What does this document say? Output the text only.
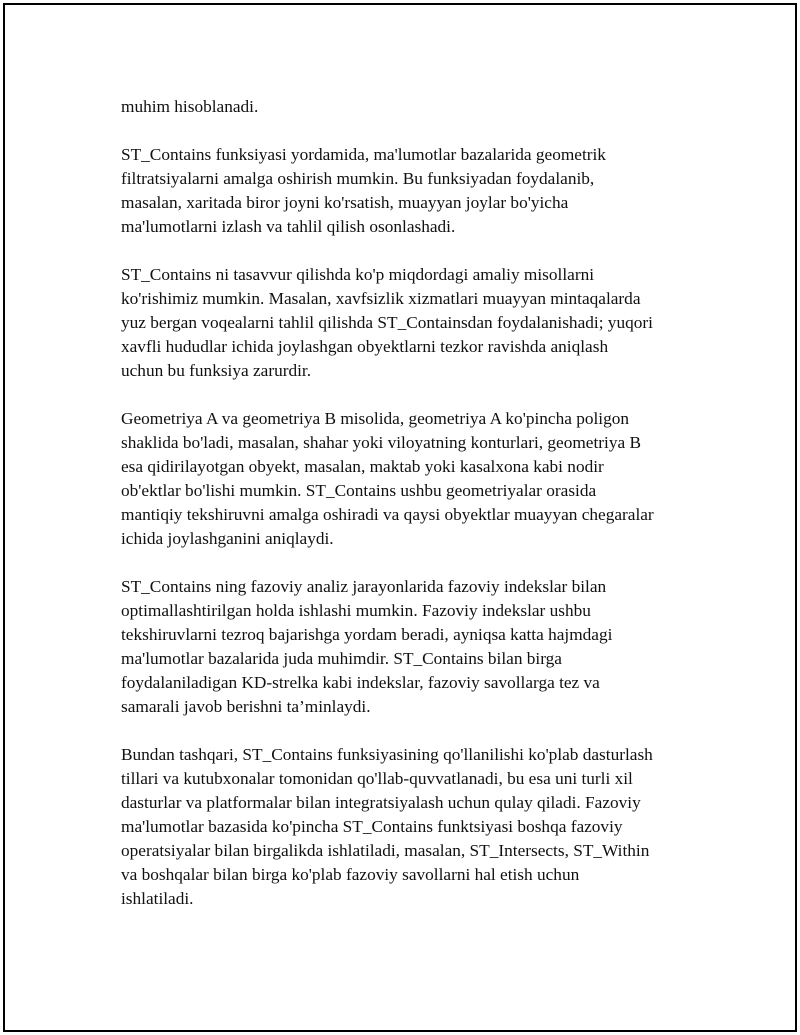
muhim hisoblanadi.

ST_Contains funksiyasi yordamida, ma'lumotlar bazalarida geometrik
filtratsiyalarni amalga oshirish mumkin. Bu funksiyadan foydalanib,
masalan, xaritada biror joyni ko'rsatish, muayyan joylar bo'yicha
ma'lumotlarni izlash va tahlil qilish osonlashadi.

ST_Contains ni tasavvur qilishda ko'p miqdordagi amaliy misollarni
ko'rishimiz mumkin. Masalan, xavfsizlik xizmatlari muayyan mintaqalarda
yuz bergan voqealarni tahlil qilishda ST_Containsdan foydalanishadi; yuqori
xavfli hududlar ichida joylashgan obyektlarni tezkor ravishda aniqlash
uchun bu funksiya zarurdir.

Geometriya A va geometriya B misolida, geometriya A ko'pincha poligon
shaklida bo'ladi, masalan, shahar yoki viloyatning konturlari, geometriya B
esa qidirilayotgan obyekt, masalan, maktab yoki kasalxona kabi nodir
ob'ektlar bo'lishi mumkin. ST_Contains ushbu geometriyalar orasida
mantiqiy tekshiruvni amalga oshiradi va qaysi obyektlar muayyan chegaralar
ichida joylashganini aniqlaydi.

ST_Contains ning fazoviy analiz jarayonlarida fazoviy indekslar bilan
optimallashtirilgan holda ishlashi mumkin. Fazoviy indekslar ushbu
tekshiruvlarni tezroq bajarishga yordam beradi, ayniqsa katta hajmdagi
ma'lumotlar bazalarida juda muhimdir. ST_Contains bilan birga
foydalaniladigan KD-strelka kabi indekslar, fazoviy savollarga tez va
samarali javob berishni ta’minlaydi.

Bundan tashqari, ST_Contains funksiyasining qo'llanilishi ko'plab dasturlash
tillari va kutubxonalar tomonidan qo'llab-quvvatlanadi, bu esa uni turli xil
dasturlar va platformalar bilan integratsiyalash uchun qulay qiladi. Fazoviy
ma'lumotlar bazasida ko'pincha ST_Contains funktsiyasi boshqa fazoviy
operatsiyalar bilan birgalikda ishlatiladi, masalan, ST_Intersects, ST_Within
va boshqalar bilan birga ko'plab fazoviy savollarni hal etish uchun
ishlatiladi.
